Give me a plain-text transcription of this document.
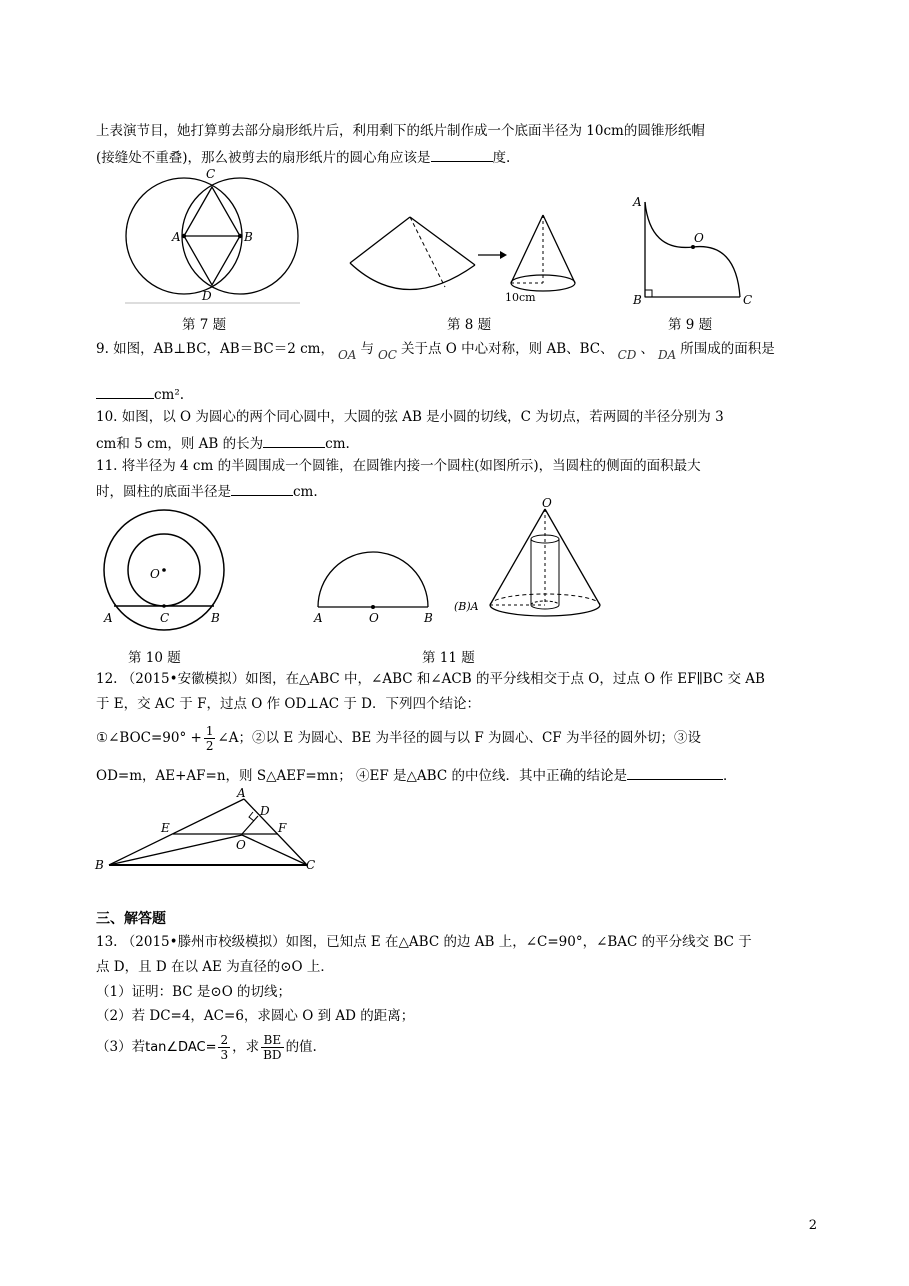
上表演节目，她打算剪去部分扇形纸片后，利用剩下的纸片制作成一个底面半径为 10cm的圆锥形纸帽
(接缝处不重叠)，那么被剪去的扇形纸片的圆心角应该是	度.
C
A	B
D
第 7 题
10cm
第 8 题
A
O
B	C
第 9 题
9. 如图，AB⊥BC，AB＝BC＝2 cm， OA 与 OC 关于点 O 中心对称，则 AB、BC、 CD 、 DA 所围成的面积是
cm².
10. 如图，以 O 为圆心的两个同心圆中，大圆的弦 AB 是小圆的切线，C 为切点，若两圆的半径分别为 3
cm和 5 cm，则 AB 的长为	cm.
11. 将半径为 4 cm 的半圆围成一个圆锥，在圆锥内接一个圆柱(如图所示)，当圆柱的侧面的面积最大
时，圆柱的底面半径是	cm.
O
A	C	B
第 10 题
A	O	B
O
(B)A
第 11 题
12. （2015•安徽模拟）如图，在△ABC 中，∠ABC 和∠ACB 的平分线相交于点 O，过点 O 作 EF∥BC 交 AB
于 E，交 AC 于 F，过点 O 作 OD⊥AC 于 D．下列四个结论：
①∠BOC=90° + $\frac{1}{2}$ ∠A；②以 E 为圆心、BE 为半径的圆与以 F 为圆心、CF 为半径的圆外切；③设
OD=m，AE+AF=n，则 S△AEF=mn； ④EF 是△ABC 的中位线．其中正确的结论是	．
A
D
E	F
O
B	C
三、解答题
13. （2015•滕州市校级模拟）如图，已知点 E 在△ABC 的边 AB 上，∠C=90°，∠BAC 的平分线交 BC 于
点 D，且 D 在以 AE 为直径的⊙O 上．
（1）证明：BC 是⊙O 的切线；
（2）若 DC=4，AC=6，求圆心 O 到 AD 的距离；
（3）若tan∠DAC= $\frac{2}{3}$ ，求 $\frac{BE}{BD}$ 的值.
2
